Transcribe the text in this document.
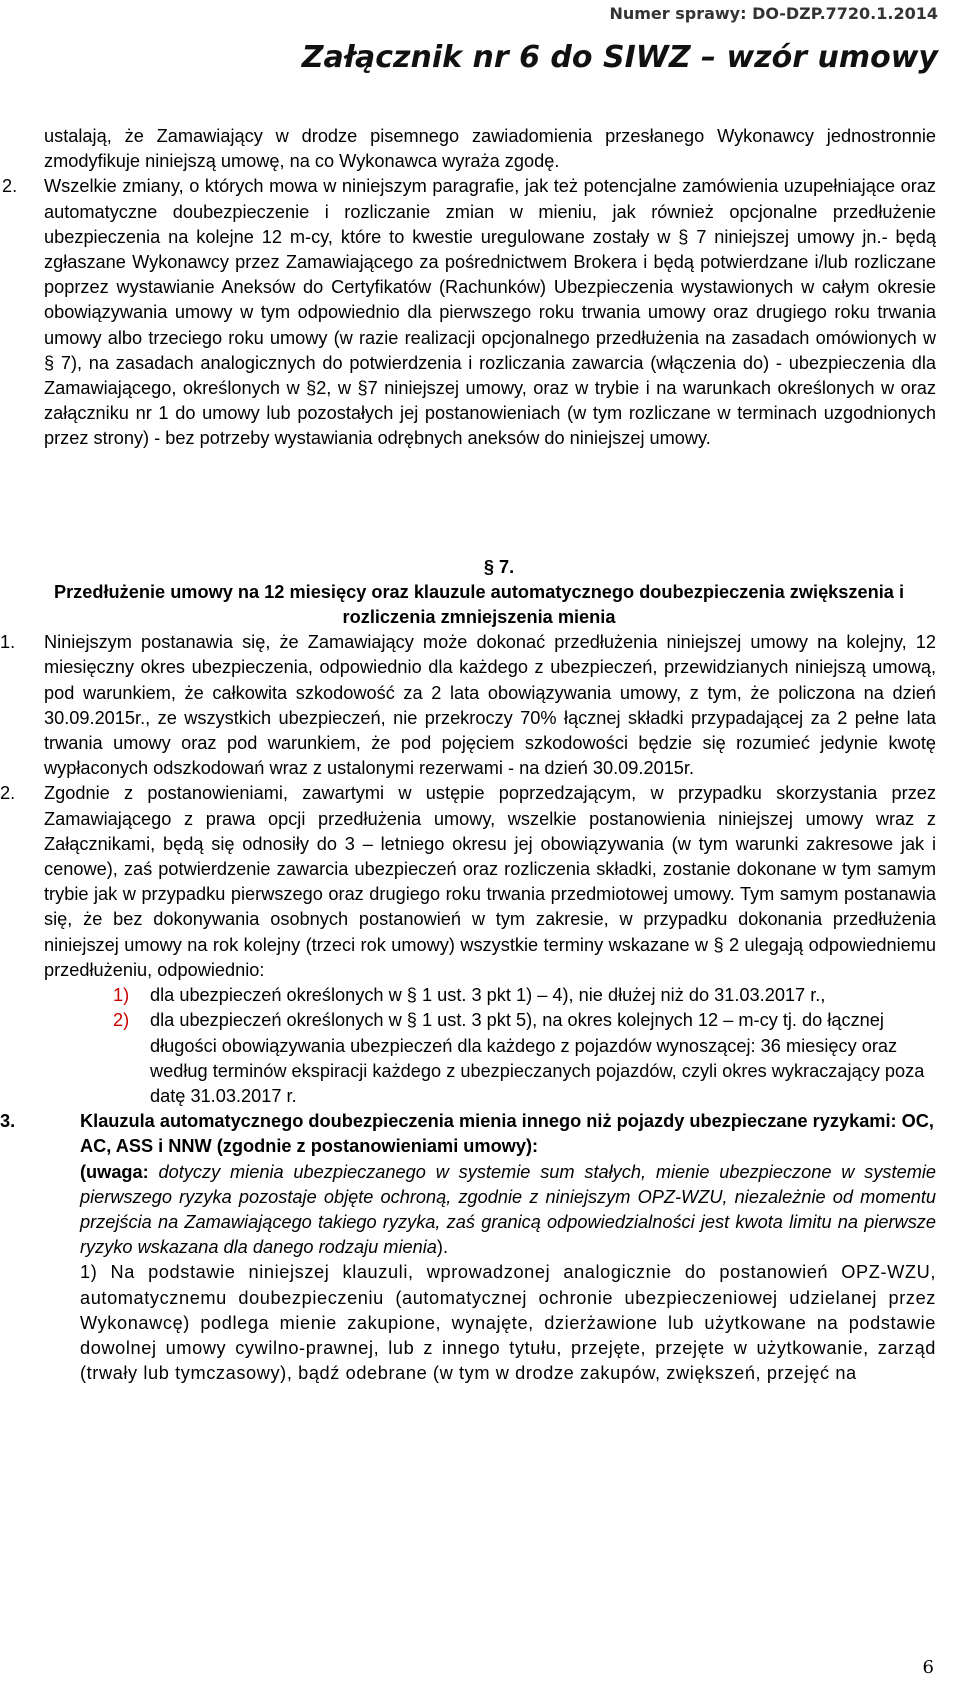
Numer sprawy: DO-DZP.7720.1.2014
Załącznik nr 6 do SIWZ – wzór umowy
ustalają, że Zamawiający w drodze pisemnego zawiadomienia przesłanego Wykonawcy jednostronnie zmodyfikuje niniejszą umowę, na co Wykonawca wyraża zgodę.
2. Wszelkie zmiany, o których mowa w niniejszym paragrafie, jak też potencjalne zamówienia uzupełniające oraz automatyczne doubezpieczenie i rozliczanie zmian w mieniu, jak również opcjonalne przedłużenie ubezpieczenia na kolejne 12 m-cy, które to kwestie uregulowane zostały w § 7 niniejszej umowy jn.- będą zgłaszane Wykonawcy przez Zamawiającego za pośrednictwem Brokera i będą potwierdzane i/lub rozliczane poprzez wystawianie Aneksów do Certyfikatów (Rachunków) Ubezpieczenia wystawionych w całym okresie obowiązywania umowy w tym odpowiednio dla pierwszego roku trwania umowy oraz drugiego roku trwania umowy albo trzeciego roku umowy (w razie realizacji opcjonalnego przedłużenia na zasadach omówionych w § 7), na zasadach analogicznych do potwierdzenia i rozliczania zawarcia (włączenia do) - ubezpieczenia dla Zamawiającego, określonych w §2, w §7 niniejszej umowy, oraz w trybie i na warunkach określonych w oraz załączniku nr 1 do umowy lub pozostałych jej postanowieniach (w tym rozliczane w terminach uzgodnionych przez strony) - bez potrzeby wystawiania odrębnych aneksów do niniejszej umowy.
§ 7.
Przedłużenie umowy na 12 miesięcy oraz klauzule automatycznego doubezpieczenia zwiększenia i rozliczenia zmniejszenia mienia
1. Niniejszym postanawia się, że Zamawiający może dokonać przedłużenia niniejszej umowy na kolejny, 12 miesięczny okres ubezpieczenia, odpowiednio dla każdego z ubezpieczeń, przewidzianych niniejszą umową, pod warunkiem, że całkowita szkodowość za 2 lata obowiązywania umowy, z tym, że policzona na dzień 30.09.2015r., ze wszystkich ubezpieczeń, nie przekroczy 70% łącznej składki przypadającej za 2 pełne lata trwania umowy oraz pod warunkiem, że pod pojęciem szkodowości będzie się rozumieć jedynie kwotę wypłaconych odszkodowań wraz z ustalonymi rezerwami - na dzień 30.09.2015r.
2. Zgodnie z postanowieniami, zawartymi w ustępie poprzedzającym, w przypadku skorzystania przez Zamawiającego z prawa opcji przedłużenia umowy, wszelkie postanowienia niniejszej umowy wraz z Załącznikami, będą się odnosiły do 3 – letniego okresu jej obowiązywania (w tym warunki zakresowe jak i cenowe), zaś potwierdzenie zawarcia ubezpieczeń oraz rozliczenia składki, zostanie dokonane w tym samym trybie jak w przypadku pierwszego oraz drugiego roku trwania przedmiotowej umowy. Tym samym postanawia się, że bez dokonywania osobnych postanowień w tym zakresie, w przypadku dokonania przedłużenia niniejszej umowy na rok kolejny (trzeci rok umowy) wszystkie terminy wskazane w § 2 ulegają odpowiedniemu przedłużeniu, odpowiednio:
1) dla ubezpieczeń określonych w § 1 ust. 3 pkt 1) – 4), nie dłużej niż do 31.03.2017 r.,
2) dla ubezpieczeń określonych w § 1 ust. 3 pkt 5), na okres kolejnych 12 – m-cy tj. do łącznej długości obowiązywania ubezpieczeń dla każdego z pojazdów wynoszącej: 36 miesięcy oraz według terminów ekspiracji każdego z ubezpieczanych pojazdów, czyli okres wykraczający poza datę 31.03.2017 r.
3.	Klauzula automatycznego doubezpieczenia mienia innego niż pojazdy ubezpieczane ryzykami: OC, AC, ASS i NNW (zgodnie z postanowieniami umowy):
(uwaga: dotyczy mienia ubezpieczanego w systemie sum stałych, mienie ubezpieczone w systemie pierwszego ryzyka pozostaje objęte ochroną, zgodnie z niniejszym OPZ-WZU, niezależnie od momentu przejścia na Zamawiającego takiego ryzyka, zaś granicą odpowiedzialności jest kwota limitu na pierwsze ryzyko wskazana dla danego rodzaju mienia).
1) Na podstawie niniejszej klauzuli, wprowadzonej analogicznie do postanowień OPZ-WZU, automatycznemu doubezpieczeniu (automatycznej ochronie ubezpieczeniowej udzielanej przez Wykonawcę) podlega mienie zakupione, wynajęte, dzierżawione lub użytkowane na podstawie dowolnej umowy cywilno-prawnej, lub z innego tytułu, przejęte, przejęte w użytkowanie, zarząd (trwały lub tymczasowy), bądź odebrane (w tym w drodze zakupów, zwiększeń, przejęć na
6
